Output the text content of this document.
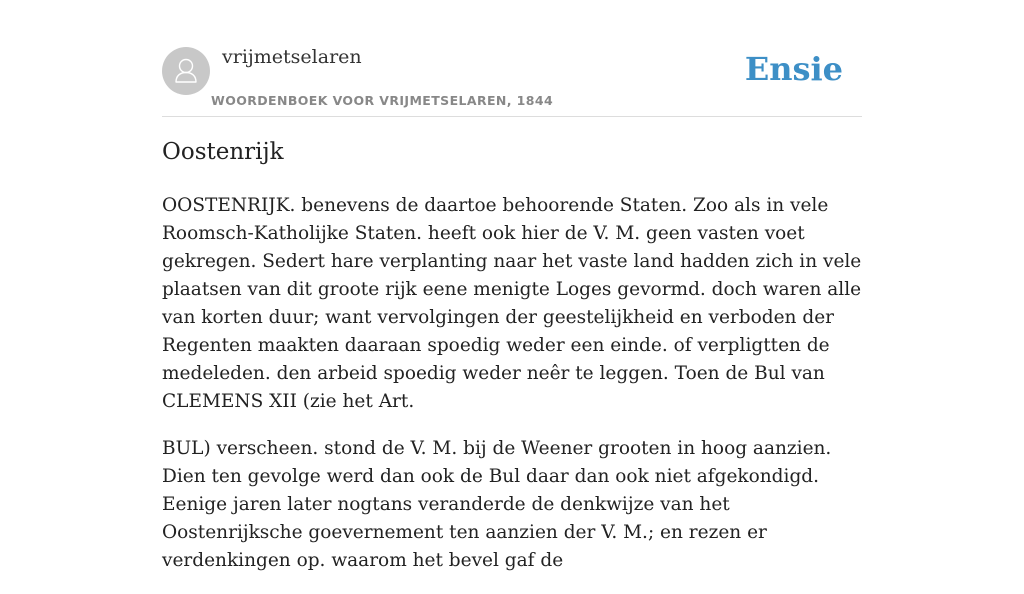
vrijmetselaren
WOORDENBOEK VOOR VRIJMETSELAREN, 1844
Ensie
Oostenrijk

OOSTENRIJK. benevens de daartoe behoorende Staten. Zoo als in vele Roomsch-Katholijke Staten. heeft ook hier de V. M. geen vasten voet gekregen. Sedert hare verplanting naar het vaste land hadden zich in vele plaatsen van dit groote rijk eene menigte Loges gevormd. doch waren alle van korten duur; want vervolgingen der geestelijkheid en verboden der Regenten maakten daaraan spoedig weder een einde. of verpligtten de medeleden. den arbeid spoedig weder neêr te leggen. Toen de Bul van CLEMENS XII (zie het Art.

BUL) verscheen. stond de V. M. bij de Weener grooten in hoog aanzien. Dien ten gevolge werd dan ook de Bul daar dan ook niet afgekondigd. Eenige jaren later nogtans veranderde de denkwijze van het Oostenrijksche goevernement ten aanzien der V. M.; en rezen er verdenkingen op. waarom het bevel gaf de
